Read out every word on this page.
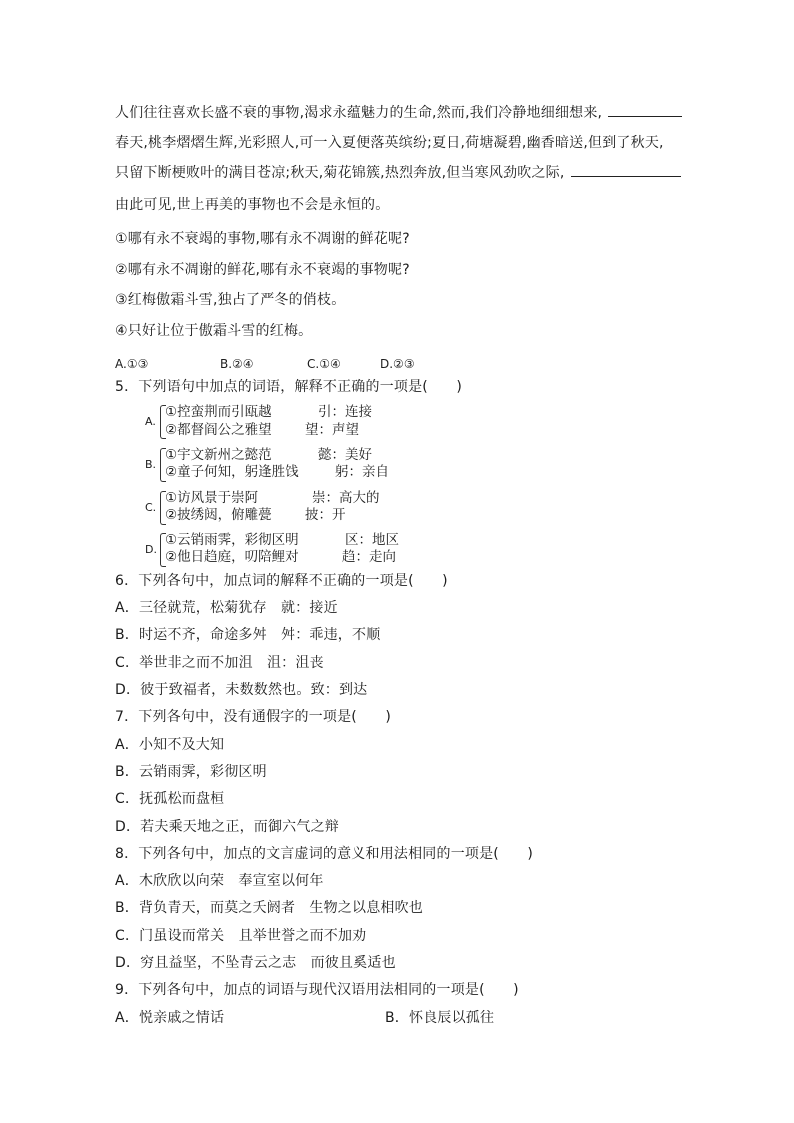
人们往往喜欢长盛不衰的事物,渴求永蕴魅力的生命,然而,我们冷静地细细想来,
春天,桃李熠熠生辉,光彩照人,可一入夏便落英缤纷;夏日,荷塘凝碧,幽香暗送,但到了秋天,
只留下断梗败叶的满目苍凉;秋天,菊花锦簇,热烈奔放,但当寒风劲吹之际,
由此可见,世上再美的事物也不会是永恒的。
①哪有永不衰竭的事物,哪有永不凋谢的鲜花呢?
②哪有永不凋谢的鲜花,哪有永不衰竭的事物呢?
③红梅傲霜斗雪,独占了严冬的俏枝。
④只好让位于傲霜斗雪的红梅。
A.①③	B.②④	C.①④	D.②③
5．下列语句中加点的词语，解释不正确的一项是(　　)
A.
①控蛮荆而引瓯越	引：连接
②都督阎公之雅望 望：声望
B.
①宇文新州之懿范	懿：美好
②童子何知，躬逢胜饯	躬：亲自
C.
①访风景于崇阿	崇：高大的
②披绣闼，俯雕甍 披：开
D.
①云销雨霁，彩彻区明	区：地区
②他日趋庭，叨陪鲤对	趋：走向
6．下列各句中，加点词的解释不正确的一项是(　　)
A．三径就荒，松菊犹存　就：接近
B．时运不齐，命途多舛　舛：乖违，不顺
C．举世非之而不加沮　沮：沮丧
D．彼于致福者，未数数然也。致：到达
7．下列各句中，没有通假字的一项是(　　)
A．小知不及大知
B．云销雨霁，彩彻区明
C．抚孤松而盘桓
D．若夫乘天地之正，而御六气之辩
8．下列各句中，加点的文言虚词的意义和用法相同的一项是(　　)
A．木欣欣以向荣　奉宣室以何年
B．背负青天，而莫之夭阏者　生物之以息相吹也
C．门虽设而常关　且举世誉之而不加劝
D．穷且益坚，不坠青云之志　而彼且奚适也
9．下列各句中，加点的词语与现代汉语用法相同的一项是(　　)
A．悦亲戚之情话	B．怀良辰以孤往
